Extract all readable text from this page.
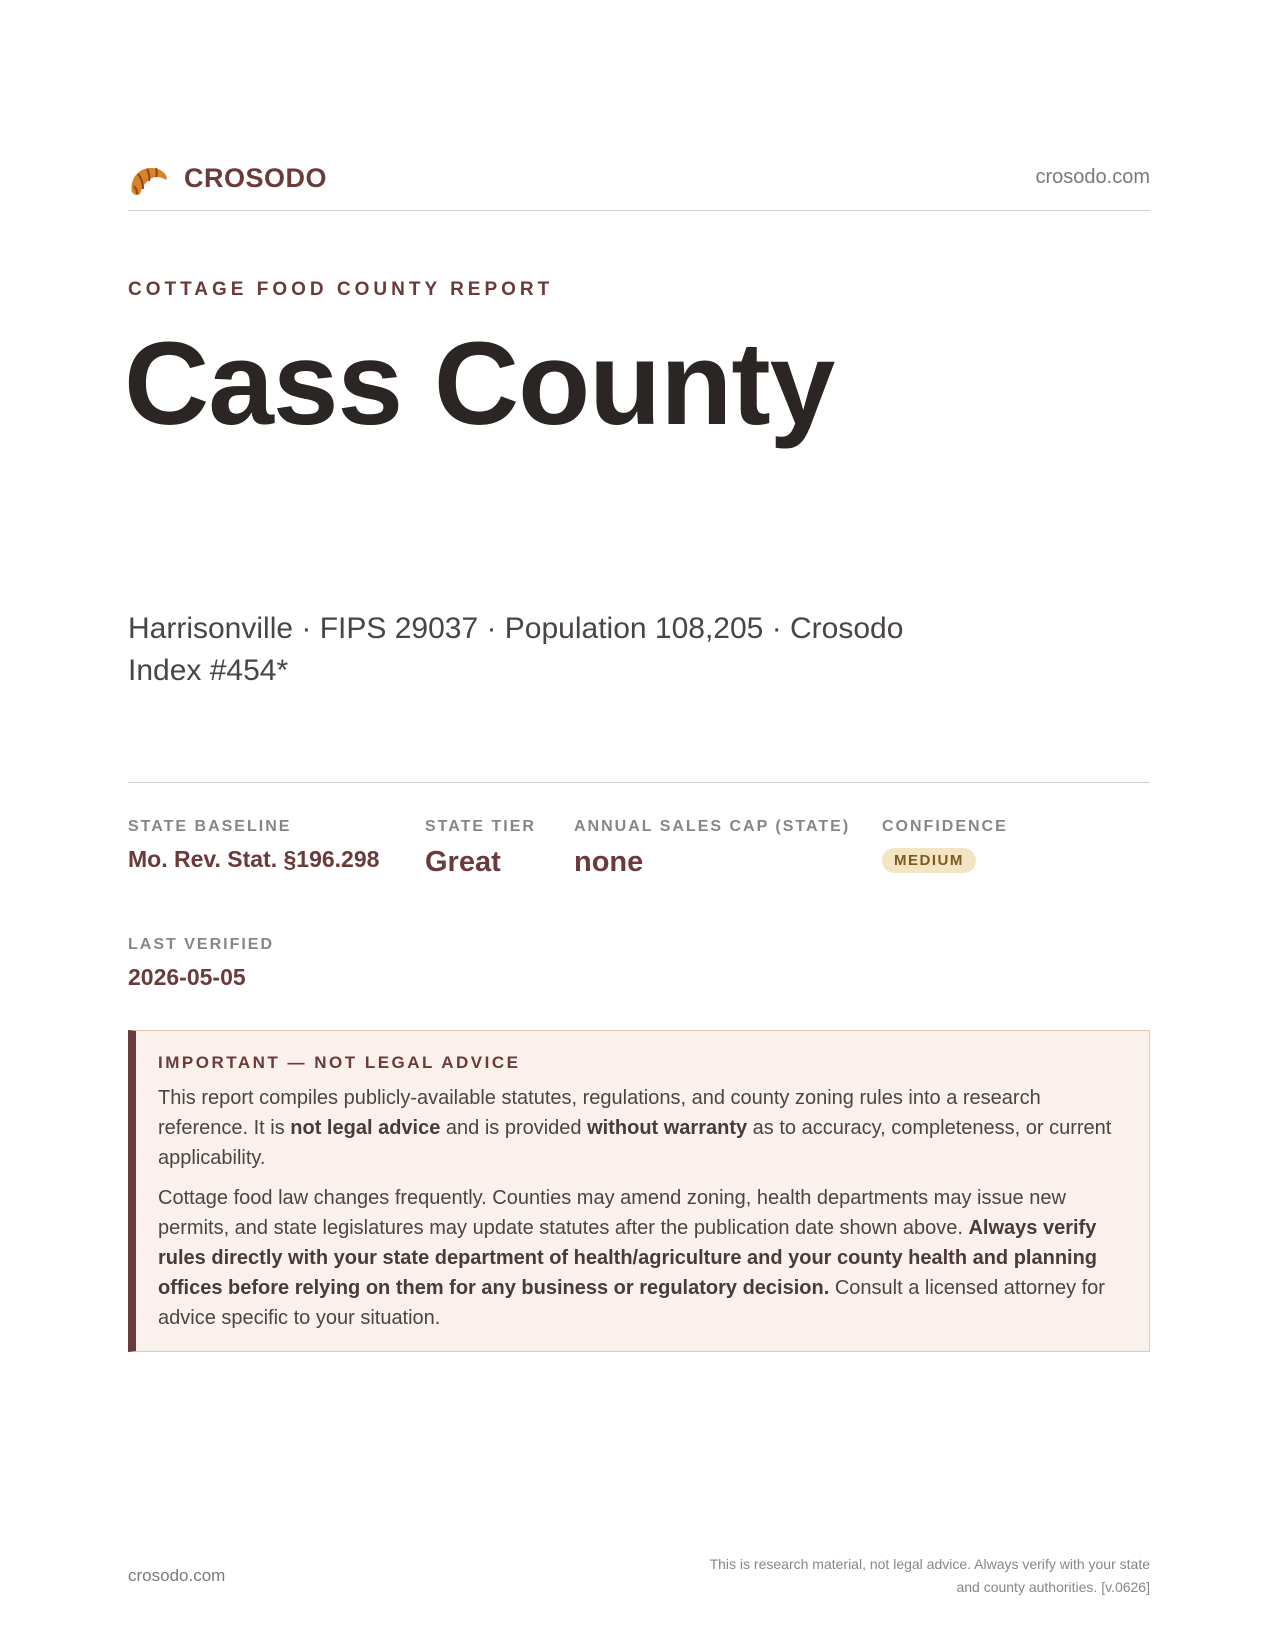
CROSODO	crosodo.com
COTTAGE FOOD COUNTY REPORT
Cass County
Harrisonville · FIPS 29037 · Population 108,205 · Crosodo Index #454*
STATE BASELINE
Mo. Rev. Stat. §196.298
STATE TIER
Great
ANNUAL SALES CAP (STATE)
none
CONFIDENCE
MEDIUM
LAST VERIFIED
2026-05-05
IMPORTANT — NOT LEGAL ADVICE

This report compiles publicly-available statutes, regulations, and county zoning rules into a research reference. It is not legal advice and is provided without warranty as to accuracy, completeness, or current applicability.

Cottage food law changes frequently. Counties may amend zoning, health departments may issue new permits, and state legislatures may update statutes after the publication date shown above. Always verify rules directly with your state department of health/agriculture and your county health and planning offices before relying on them for any business or regulatory decision. Consult a licensed attorney for advice specific to your situation.

crosodo.com
This is research material, not legal advice. Always verify with your state
and county authorities. [v.0626]
